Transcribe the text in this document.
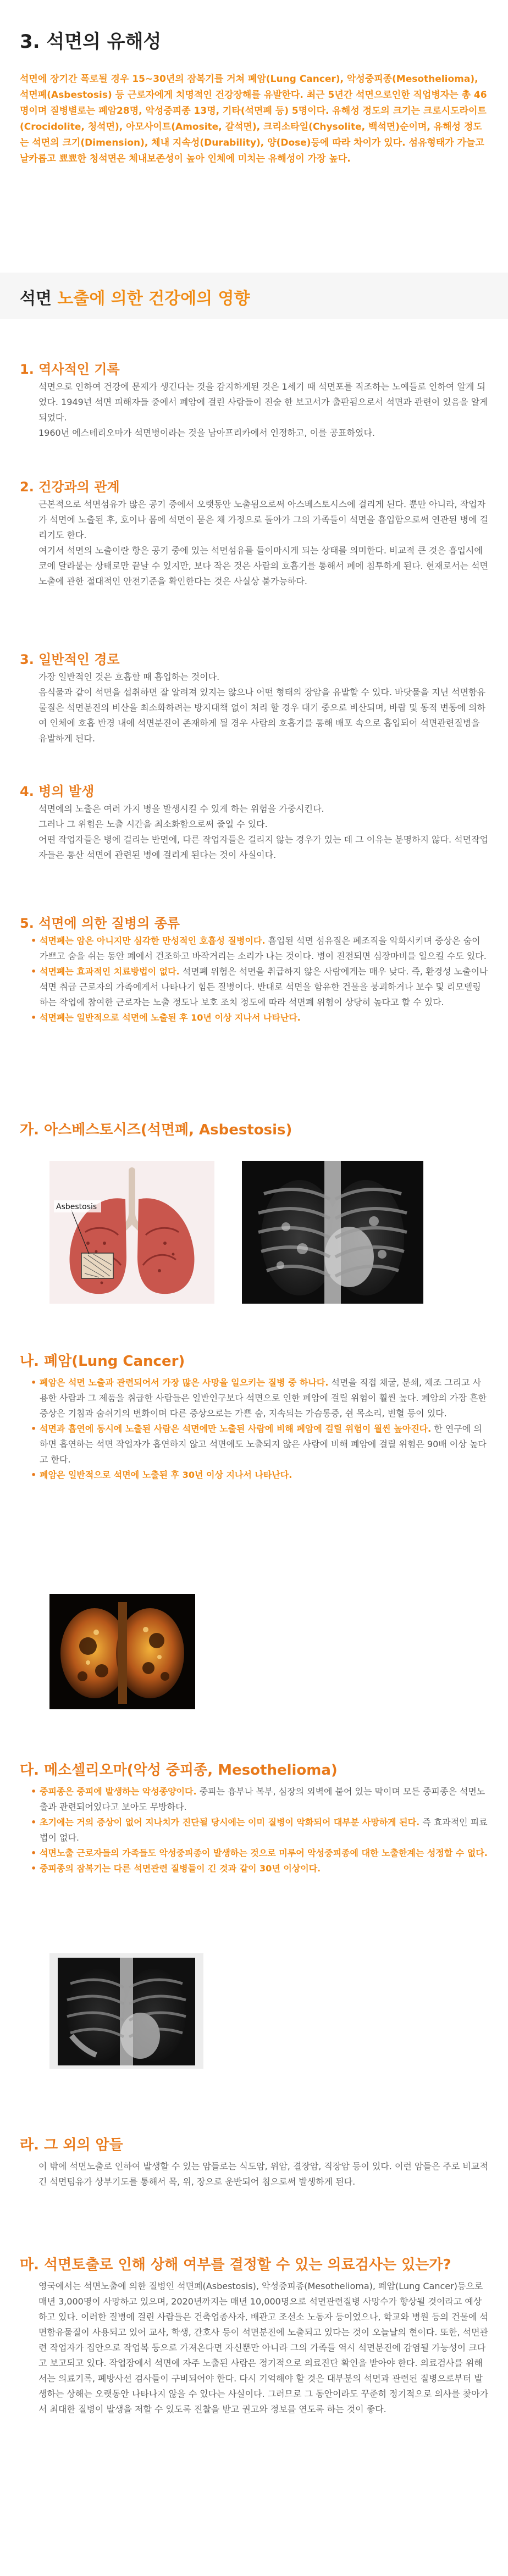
3. 석면의 유해성

석면에 장기간 폭로될 경우 15~30년의 잠복기를 거쳐 폐암(Lung Cancer), 악성중피종(Mesothelioma), 석면폐(Asbestosis) 등 근로자에게 치명적인 건강장해를 유발한다. 최근 5년간 석면으로인한 직업병자는 총 46명이며 질병별로는 폐암28명, 악성중피종 13명, 기타(석면폐 등) 5명이다. 유해성 정도의 크기는 크로시도라이트(Crocidolite, 청석면), 아모사이트(Amosite, 갈석면), 크리소타일(Chysolite, 백석면)순이며, 유해성 정도는 석면의 크기(Dimension), 체내 지속성(Durability), 양(Dose)등에 따라 차이가 있다. 섬유형태가 가늘고 날카롭고 뾰뾰한 청석면은 체내보존성이 높아 인체에 미치는 유해성이 가장 높다.

석면 노출에 의한 건강에의 영향
1. 역사적인 기록

석면으로 인하여 건강에 문제가 생긴다는 것을 감지하게된 것은 1세기 때 석면포를 직조하는 노예들로 인하여 알게 되었다. 1949년 석면 피해자들 중에서 폐암에 걸린 사람들이 진술 한 보고서가 출판됨으로서 석면과 관련이 있음을 알게 되었다.

1960년 에스테리오마가 석면병이라는 것을 남아프리카에서 인정하고, 이를 공표하였다.

2. 건강과의 관계

근본적으로 석면섬유가 많은 공기 중에서 오랫동안 노출됨으로써 아스베스토시스에 걸리게 된다. 뿐만 아니라, 작업자가 석면에 노출된 후, 호이나 몸에 석면이 묻은 채 가정으로 돌아가 그의 가족들이 석면을 흡입함으로써 연관된 병에 걸리기도 한다.

여기서 석면의 노출이란 항은 공기 중에 있는 석면섬유를 들이마시게 되는 상태를 의미한다. 비교적 큰 것은 흡입시에 코에 달라붙는 상태로만 끝날 수 있지만, 보다 작은 것은 사람의 호흡기를 통해서 폐에 침투하게 된다. 현재로서는 석면노출에 관한 절대적인 안전기준을 확인한다는 것은 사실상 불가능하다.

3. 일반적인 경로

가장 일반적인 것은 호흡할 때 흡입하는 것이다.

음식물과 같이 석면을 섭취하면 잘 알려져 있지는 않으나 어떤 형태의 장암을 유발할 수 있다. 바닷물을 지닌 석면함유물질은 석면분진의 비산을 최소화하려는 방지대책 없이 처리 할 경우 대기 중으로 비산되며, 바람 및 동적 변동에 의하여 인체에 호흡 반경 내에 석면분진이 존재하게 될 경우 사람의 호흡기를 통해 배포 속으로 흡입되어 석면관련질병을 유발하게 된다.

4. 병의 발생

석면에의 노출은 여러 가지 병을 발생시킬 수 있게 하는 위험을 가중시킨다.

그러나 그 위험은 노출 시간을 최소화함으로써 줄일 수 있다.

어떤 작업자들은 병에 걸리는 반면에, 다른 작업자들은 걸리지 않는 경우가 있는 데 그 이유는 분명하지 않다. 석면작업자들은 통산 석면에 관련된 병에 걸리게 된다는 것이 사실이다.

5. 석면에 의한 질병의 종류
• 석면폐는 암은 아니지만 심각한 만성적인 호흡성 질병이다. 흡입된 석면 섬유질은 폐조직을 악화시키며 증상은 숨이 가쁘고 숨을 쉬는 동안 폐에서 건조하고 바작거리는 소리가 나는 것이다. 병이 진전되면 심장마비를 일으킬 수도 있다.
• 석면폐는 효과적인 치료방법이 없다. 석면폐 위험은 석면을 취급하지 않은 사람에게는 매우 낮다. 즉, 환경성 노출이나 석면 취급 근로자의 가족에게서 나타나기 힘든 질병이다. 반대로 석면을 함유한 건물을 붕괴하거나 보수 및 리모델링하는 작업에 참여한 근로자는 노출 정도나 보호 조치 정도에 따라 석면폐 위험이 상당히 높다고 할 수 있다.
• 석면폐는 일반적으로 석면에 노출된 후 10년 이상 지나서 나타난다.
가. 아스베스토시즈(석면폐, Asbestosis)
Asbestosis
나. 폐암(Lung Cancer)
• 폐암은 석면 노출과 관련되어서 가장 많은 사망을 일으키는 질병 중 하나다. 석면을 직접 채굴, 분쇄, 제조 그리고 사용한 사람과 그 제품을 취급한 사람들은 일반인구보다 석면으로 인한 폐암에 걸릴 위험이 훨씬 높다. 폐암의 가장 흔한 증상은 기침과 숨쉬기의 변화이며 다른 증상으로는 가쁜 숨, 지속되는 가슴통증, 쉰 목소리, 빈혈 등이 있다.
• 석면과 흡연에 동시에 노출된 사람은 석면에만 노출된 사람에 비해 폐암에 걸릴 위험이 월씬 높아진다. 한 연구에 의하면 흡연하는 석면 작업자가 흡연하지 않고 석면에도 노출되지 않은 사람에 비해 폐암에 걸릴 위험은 90배 이상 높다고 한다.
• 폐암은 일반적으로 석면에 노출된 후 30년 이상 지나서 나타난다.
다. 메소셀리오마(악성 중피종, Mesothelioma)
• 중피종은 중피에 발생하는 악성종양이다. 중피는 흉부나 복부, 심장의 외벽에 붙어 있는 막이며 모든 중피종은 석면노출과 관련되어있다고 보아도 무방하다.
• 초기에는 거의 증상이 없어 지나치가 진단될 당시에는 이미 질병이 악화되어 대부분 사망하게 된다. 즉 효과적인 피료법이 없다.
• 석면노출 근로자들의 가족들도 악성중피종이 발생하는 것으로 미루어 악성중피종에 대한 노출한계는 성정할 수 없다.
• 중피종의 잠복기는 다른 석면관련 질병들이 긴 것과 같이 30년 이상이다.
라. 그 외의 암들

이 밖에 석면노출로 인하여 발생할 수 있는 암들로는 식도암, 위암, 결장암, 직장암 등이 있다. 이런 암들은 주로 비교적 긴 석면텀유가 상부기도를 통해서 목, 위, 장으로 운반되어 침으로써 발생하게 된다.

마. 석면토출로 인해 상해 여부를 결정할 수 있는 의료검사는 있는가?

영국에서는 석면노출에 의한 질병인 석면폐(Asbestosis), 악성중피종(Mesothelioma), 폐암(Lung Cancer)등으로 매년 3,000명이 사망하고 있으며, 2020년까지는 매년 10,000명으로 석면관련질병 사망수가 향상될 것이라고 예상하고 있다. 이러한 질병에 걸린 사람들은 건축업종사자, 배관고 조선소 노동자 등이었으나, 학교와 병원 등의 건물에 석면함유물질이 사용되고 있어 교사, 학생, 간호사 등이 석면분진에 노출되고 있다는 것이 오늘날의 현이다. 또한, 석면관련 작업자가 집안으로 작업복 등으로 가져온다면 자신뿐만 아니라 그의 가족들 역시 석면분진에 감염될 가능성이 크다고 보고되고 있다. 작업장에서 석면에 자주 노출된 사람은 정기적으로 의료진단 확인을 받아야 한다. 의료검사를 위해서는 의료기록, 폐방사선 검사들이 구비되어야 한다. 다시 기억해야 할 것은 대부분의 석면과 관련된 질병으로부터 발생하는 상해는 오랫동안 나타나지 않을 수 있다는 사실이다. 그러므로 그 동안이라도 꾸준히 정기적으로 의사를 찾아가서 최대한 질병이 발생을 저할 수 있도록 진찰을 받고 권고와 정보를 연도록 하는 것이 좋다.
